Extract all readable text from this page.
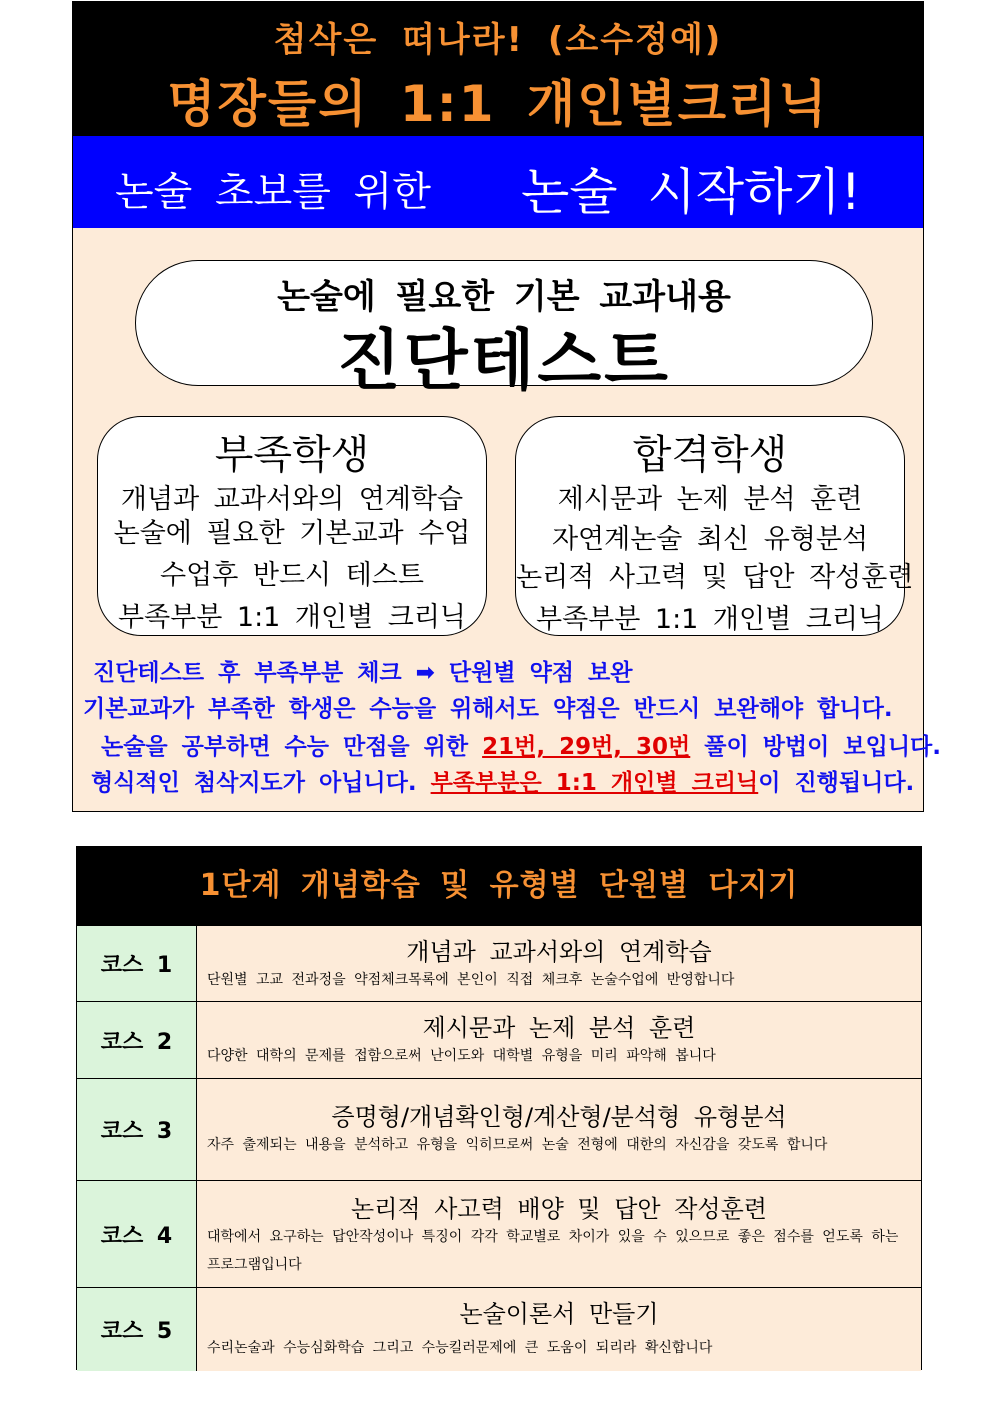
첨삭은 떠나라! (소수정예)
명장들의 1:1 개인별크리닉
논술 초보를 위한 논술 시작하기!
논술에 필요한 기본 교과내용
진단테스트
부족학생
개념과 교과서와의 연계학습
논술에 필요한 기본교과 수업
수업후 반드시 테스트
부족부분 1:1 개인별 크리닉
합격학생
제시문과 논제 분석 훈련
자연계논술 최신 유형분석
논리적 사고력 및 답안 작성훈련
부족부분 1:1 개인별 크리닉
진단테스트 후 부족부분 체크 ➡ 단원별 약점 보완
기본교과가 부족한 학생은 수능을 위해서도 약점은 반드시 보완해야 합니다.
논술을 공부하면 수능 만점을 위한 21번, 29번, 30번 풀이 방법이 보입니다.
형식적인 첨삭지도가 아닙니다. 부족부분은 1:1 개인별 크리닉이 진행됩니다.
1단계 개념학습 및 유형별 단원별 다지기
코스 1	개념과 교과서와의 연계학습
단원별 고교 전과정을 약점체크목록에 본인이 직접 체크후 논술수업에 반영합니다
코스 2	제시문과 논제 분석 훈련
다양한 대학의 문제를 접함으로써 난이도와 대학별 유형을 미리 파악해 봅니다
코스 3
증명형/개념확인형/계산형/분석형 유형분석
자주 출제되는 내용을 분석하고 유형을 익히므로써 논술 전형에 대한의 자신감을 갖도록 합니다
코스 4
논리적 사고력 배양 및 답안 작성훈련
대학에서 요구하는 답안작성이나 특징이 각각 학교별로 차이가 있을 수 있으므로 좋은 점수를 얻도록 하는 프로그램입니다
코스 5
논술이론서 만들기
수리논술과 수능심화학습 그리고 수능킬러문제에 큰 도움이 되리라 확신합니다
